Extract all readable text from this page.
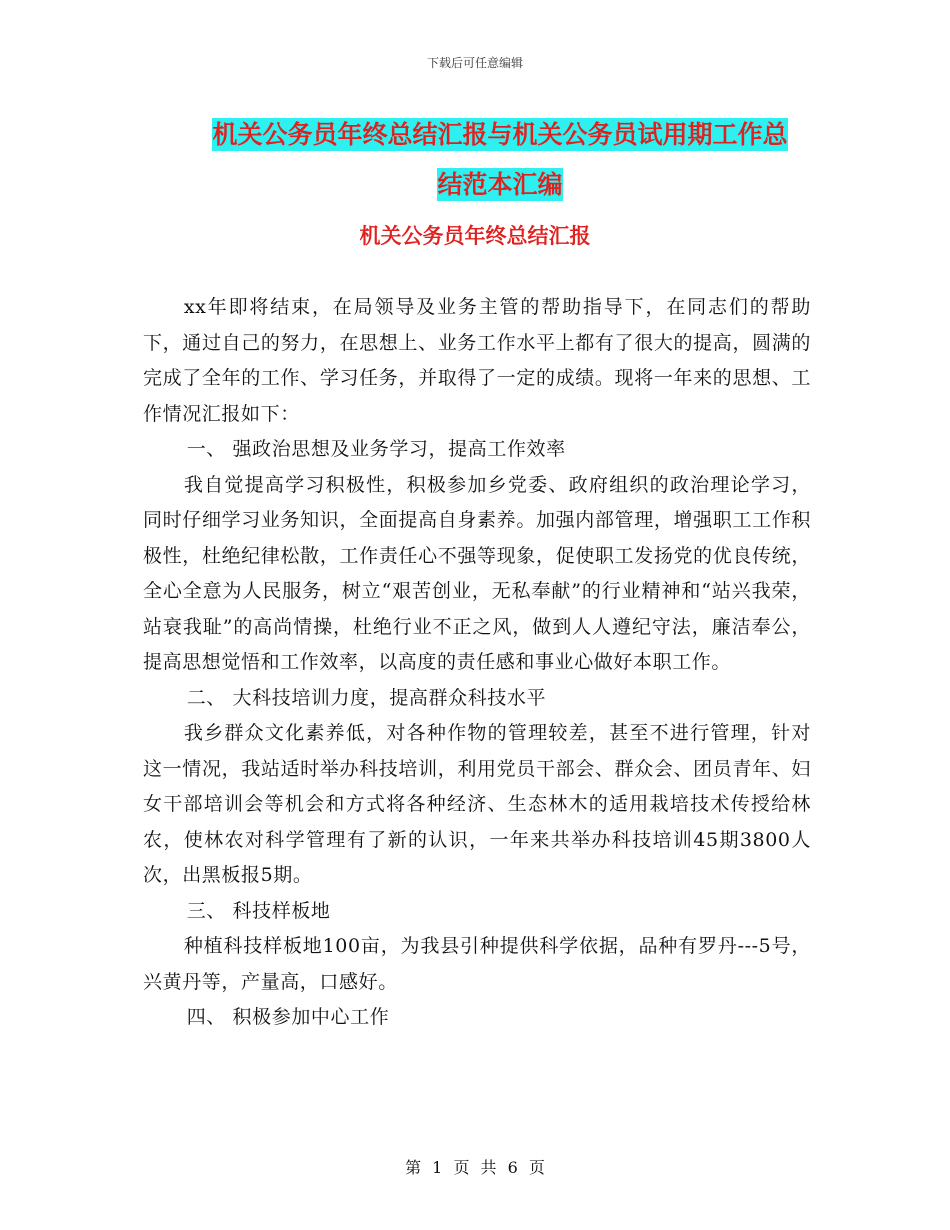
下载后可任意编辑
机关公务员年终总结汇报与机关公务员试用期工作总
结范本汇编
机关公务员年终总结汇报

xx年即将结束，在局领导及业务主管的帮助指导下，在同志们的帮助下，通过自己的努力，在思想上、业务工作水平上都有了很大的提高，圆满的完成了全年的工作、学习任务，并取得了一定的成绩。现将一年来的思想、工作情况汇报如下：

一、 强政治思想及业务学习，提高工作效率

我自觉提高学习积极性，积极参加乡党委、政府组织的政治理论学习，同时仔细学习业务知识，全面提高自身素养。加强内部管理，增强职工工作积极性，杜绝纪律松散，工作责任心不强等现象，促使职工发扬党的优良传统，全心全意为人民服务，树立“艰苦创业，无私奉献”的行业精神和“站兴我荣，站衰我耻”的高尚情操，杜绝行业不正之风，做到人人遵纪守法，廉洁奉公，提高思想觉悟和工作效率，以高度的责任感和事业心做好本职工作。

二、 大科技培训力度，提高群众科技水平

我乡群众文化素养低，对各种作物的管理较差，甚至不进行管理，针对这一情况，我站适时举办科技培训，利用党员干部会、群众会、团员青年、妇女干部培训会等机会和方式将各种经济、生态林木的适用栽培技术传授给林农，使林农对科学管理有了新的认识，一年来共举办科技培训45期3800人次，出黑板报5期。

三、 科技样板地

种植科技样板地100亩，为我县引种提供科学依据，品种有罗丹---5号，兴黄丹等，产量高，口感好。

四、 积极参加中心工作

第 1 页 共 6 页
